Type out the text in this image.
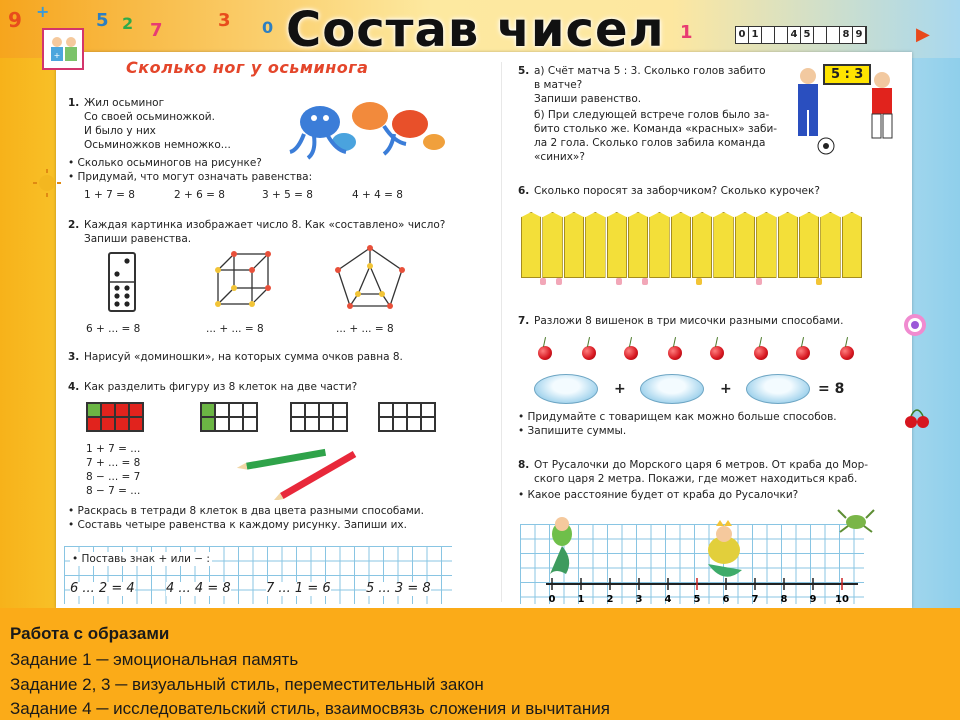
9 +	5 2 7	3 0	1	0 1	4 5	8 9	▶
+
Сколько ног у осьминога
1. Жил осьминог
Со своей осьминожкой.
И было у них
Осьминожков немножко...
• Сколько осьминогов на рисунке?
• Придумай, что могут означать равенства:
1 + 7 = 8	2 + 6 = 8	3 + 5 = 8	4 + 4 = 8
2. Каждая картинка изображает число 8. Как «составлено» число?
Запиши равенства.
6 + ... = 8	... + ... = 8	... + ... = 8
3. Нарисуй «доминошки», на которых сумма очков равна 8.
4. Как разделить фигуру из 8 клеток на две части?
1 + 7 = ...
7 + ... = 8
8 − ... = 7
8 − 7 = ...
• Раскрась в тетради 8 клеток в два цвета разными способами.
• Составь четыре равенства к каждому рисунку. Запиши их.
• Поставь знак + или − :
6 ... 2 = 4 4 ... 4 = 8	7 ... 1 = 6	5 ... 3 = 8
5. а) Счёт матча 5 : 3. Сколько голов забито
в матче?
Запиши равенство.
б) При следующей встрече голов было за-
бито столько же. Команда «красных» заби-
ла 2 гола. Сколько голов забила команда
«синих»?
5 : 3
6. Сколько поросят за заборчиком? Сколько курочек?
7. Разложи 8 вишенок в три мисочки разными способами.
+	+	= 8
• Придумайте с товарищем как можно больше способов.
• Запишите суммы.
8. От Русалочки до Морского царя 6 метров. От краба до Мор-
ского царя 2 метра. Покажи, где может находиться краб.
• Какое расстояние будет от краба до Русалочки?
0 1 2 3 4 5 6 7 8 9 10
Состав чисел
Работа с образами
Задание 1 ─ эмоциональная память
Задание 2, 3 ─ визуальный стиль, переместительный закон
Задание 4 ─ исследовательский стиль, взаимосвязь сложения и вычитания
